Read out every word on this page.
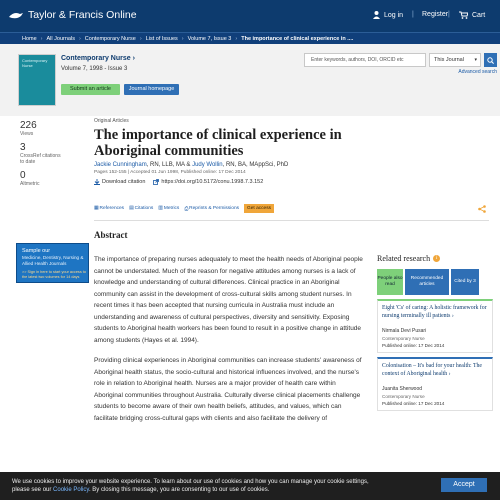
Taylor & Francis Online	Log in | Register |	Cart
Home › All Journals › Contemporary Nurse › List of Issues › Volume 7, Issue 3 › The importance of clinical experience in ....
Contemporary Nurse
Contemporary Nurse ›
Volume 7, 1998 - Issue 3
Submit an article	Journal homepage
Enter keywords, authors, DOI, ORCID etc	This Journal ▾
Advanced search
226
Views
3
CrossRef citations to date
0
Altmetric
Original Articles
The importance of clinical experience in Aboriginal communities
Jackie Cunningham, RN, LLB, MA & Judy Wollin, RN, BA, MAppSci, PhD
Pages 152-155 | Accepted 01 Jun 1998, Published online: 17 Dec 2014
Download citation	https://doi.org/10.5172/conu.1998.7.3.152
▦ References ▤ Citations ▥ Metrics ⎙ Reprints & Permissions	Get access
Abstract

The importance of preparing nurses adequately to meet the health needs of Aboriginal people cannot be understated. Much of the reason for negative attitudes among nurses is a lack of knowledge and understanding of cultural differences. Clinical practice in an Aboriginal community can assist in the development of cross-cultural skills among student nurses. In recent times it has been accepted that nursing curricula in Australia must include an understanding and awareness of cultural perspectives, diversity and sensitivity. Exposing students to Aboriginal health workers has been found to result in a positive change in attitude among students (Hayes et al. 1994).

Providing clinical experiences in Aboriginal communities can increase students' awareness of Aboriginal health status, the socio-cultural and historical influences involved, and the nurse's role in relation to Aboriginal health. Nurses are a major provider of health care within Aboriginal communities throughout Australia. Culturally diverse clinical placements challenge students to become aware of their own health beliefs, attitudes, and values, which can facilitate bridging cross-cultural gaps with clients and also facilitate the delivery of

Sample our
Medicine, Dentistry, Nursing & Allied Health Journals
>> Sign in here to start your access to the latest two volumes for 14 days
Related research	i
People also read
Recommended articles
Cited by 3
Eight 'Cs' of caring: A holistic framework for nursing terminally ill patients ›
Nirmala Devi Pusari
Contemporary Nurse
Published online: 17 Dec 2014
Colonisation – It's bad for your health: The context of Aboriginal health ›
Juanita Sherwood
Contemporary Nurse
Published online: 17 Dec 2014
We use cookies to improve your website experience. To learn about our use of cookies and how you can manage your cookie settings,
please see our Cookie Policy. By closing this message, you are consenting to our use of cookies.
Accept
